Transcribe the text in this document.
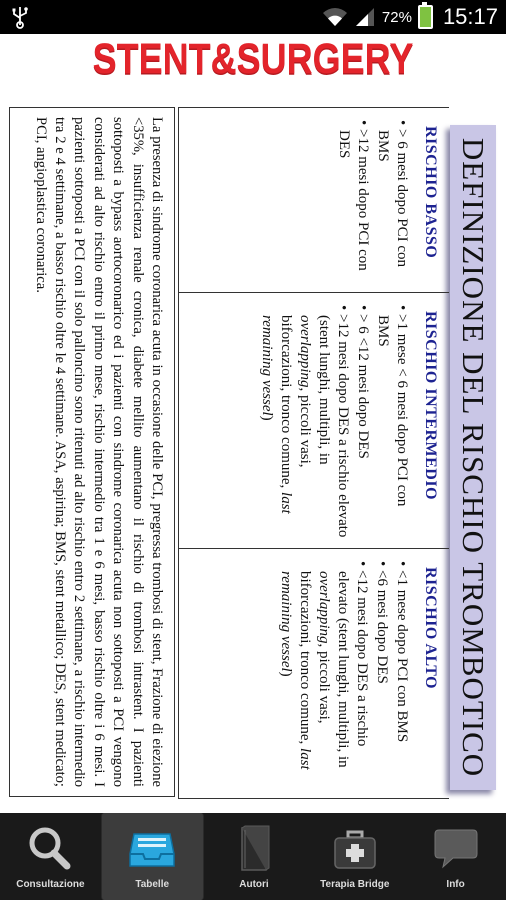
72% 15:17
STENT&SURGERY
DEFINIZIONE DEL RISCHIO TROMBOTICO
RISCHIO BASSO
• > 6 mesi dopo PCI con BMS
• >12 mesi dopo PCI con DES
RISCHIO INTERMEDIO
• >1 mese < 6 mesi dopo PCI con BMS
• > 6 <12 mesi dopo DES
• >12 mesi dopo DES a rischio elevato (stent lunghi, multipli, in overlapping, piccoli vasi, biforcazioni, tronco comune, last remaining vessel)
RISCHIO ALTO
• <1 mese dopo PCI con BMS
• <6 mesi dopo DES
• <12 mesi dopo DES a rischio elevato (stent lunghi, multipli, in overlapping, piccoli vasi, biforcazioni, tronco comune, last remaining vessel)
La presenza di sindrome coronarica acuta in occasione delle PCI, pregressa trombosi di stent, Frazione di eiezione <35%, insufficienza renale cronica, diabete mellito aumentano il rischio di trombosi intrastent. I pazienti sottoposti a bypass aortocoronarico ed i pazienti con sindrome coronarica acuta non sottoposti a PCI vengono considerati ad alto rischio entro il primo mese, rischio intermedio tra 1 e 6 mesi, basso rischio oltre i 6 mesi. I pazienti sottoposti a PCI con il solo palloncino sono ritenuti ad alto rischio entro 2 settimane, a rischio intermedio tra 2 e 4 settimane, a basso rischio oltre le 4 settimane. ASA, aspirina; BMS, stent metallico; DES, stent medicato; PCI, angioplastica coronarica.
Consultazione	Tabelle	Autori	Terapia Bridge	Info
